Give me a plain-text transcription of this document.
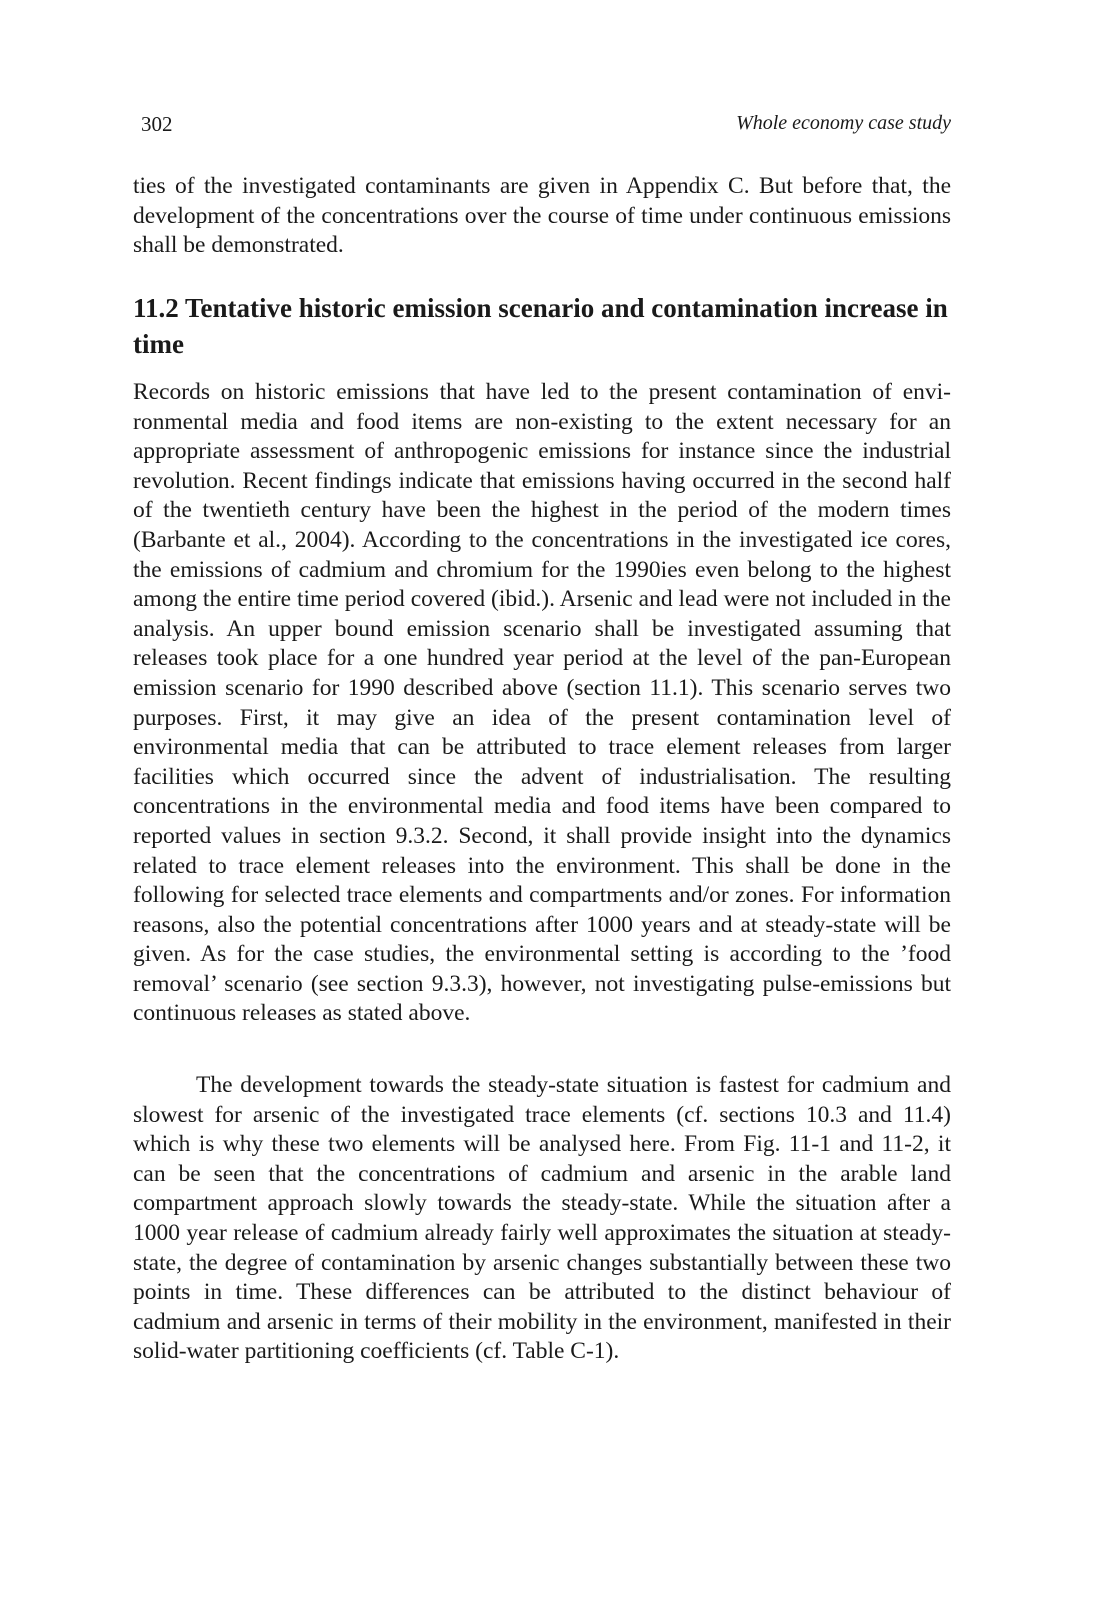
302	Whole economy case study

ties of the investigated contaminants are given in Appendix C. But before that, the development of the concentrations over the course of time under continuous emissions shall be demonstrated.

11.2 Tentative historic emission scenario and contamination increase in time

Records on historic emissions that have led to the present contamination of environmental media and food items are non-existing to the extent necessary for an appropriate assessment of anthropogenic emissions for instance since the industrial revolution. Recent findings indicate that emissions having occurred in the second half of the twentieth century have been the highest in the period of the modern times (Barbante et al., 2004). According to the concentrations in the investigated ice cores, the emissions of cadmium and chromium for the 1990ies even belong to the highest among the entire time period covered (ibid.). Arsenic and lead were not included in the analysis. An upper bound emission scenario shall be investigated assuming that releases took place for a one hundred year period at the level of the pan-European emission scenario for 1990 described above (section 11.1). This scenario serves two purposes. First, it may give an idea of the present contamination level of environmental media that can be attributed to trace element releases from larger facilities which occurred since the advent of industrialisation. The resulting concentrations in the environmental media and food items have been compared to reported values in section 9.3.2. Second, it shall provide insight into the dynamics related to trace element releases into the environment. This shall be done in the following for selected trace elements and compartments and/or zones. For information reasons, also the potential concentrations after 1000 years and at steady-state will be given. As for the case studies, the environmental setting is according to the ’food removal’ scenario (see section 9.3.3), however, not investigating pulse-emissions but continuous releases as stated above.

The development towards the steady-state situation is fastest for cadmium and slowest for arsenic of the investigated trace elements (cf. sections 10.3 and 11.4) which is why these two elements will be analysed here. From Fig. 11-1 and 11-2, it can be seen that the concentrations of cadmium and arsenic in the arable land compartment approach slowly towards the steady-state. While the situation after a 1000 year release of cadmium already fairly well approximates the situation at steady-state, the degree of contamination by arsenic changes substantially between these two points in time. These differences can be attributed to the distinct behaviour of cadmium and arsenic in terms of their mobility in the environment, manifested in their solid-water partitioning coefficients (cf. Table C-1).
